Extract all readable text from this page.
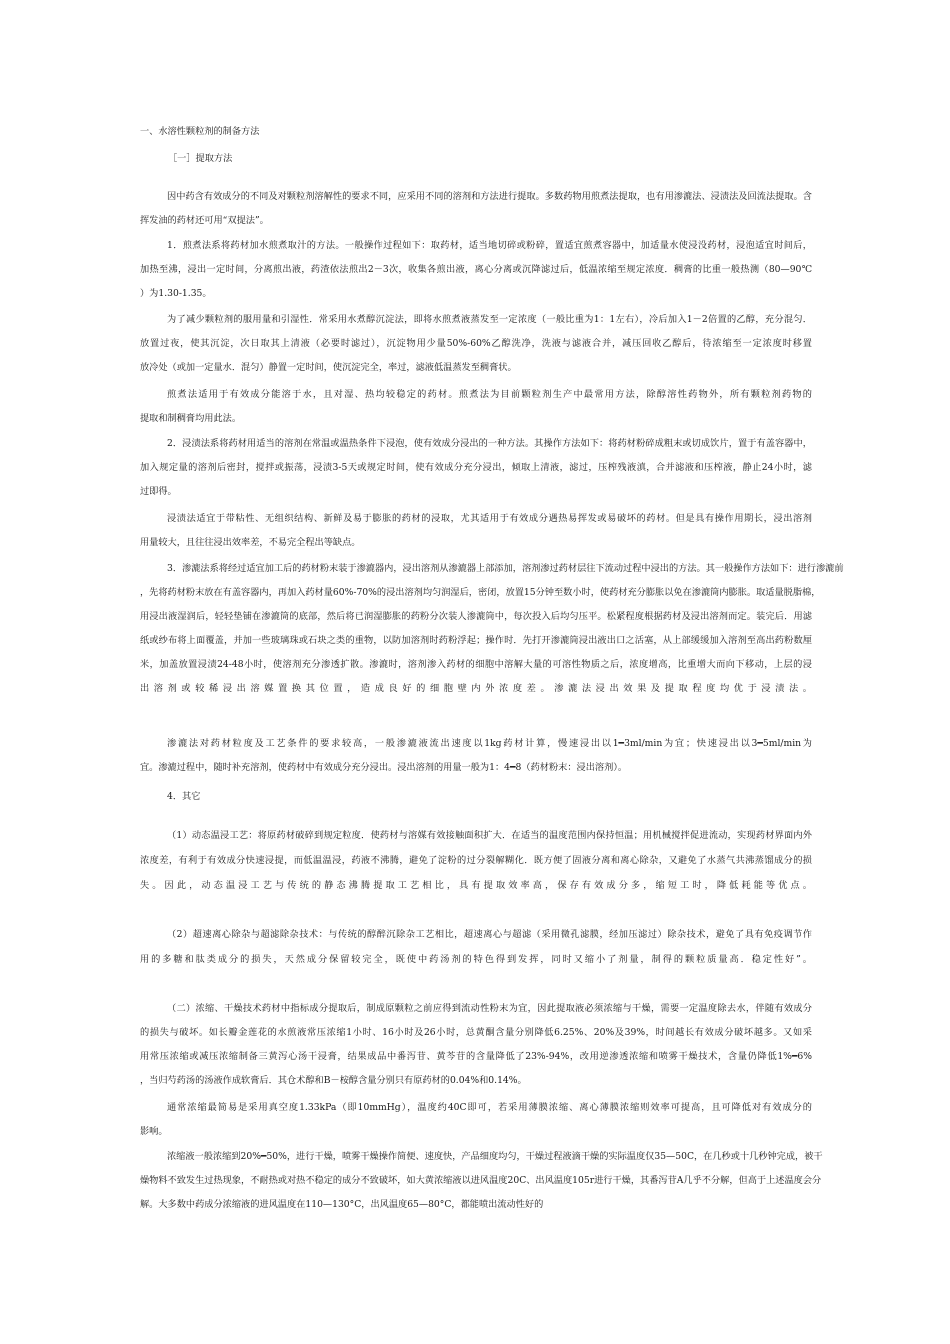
一、水溶性颗粒剂的制备方法
［一］提取方法
因中药含有效成分的不同及对颗粒剂溶解性的要求不同，应采用不同的溶剂和方法进行提取。多数药物用煎煮法提取，也有用渗漉法、浸渍法及回流法提取。含
挥发油的药材还可用“双提法”。
1．煎煮法系将药材加水煎煮取汁的方法。一般操作过程如下：取药材，适当地切碎或粉碎，置适宜煎煮容器中，加适量水使浸没药材，浸泡适宜时间后，
加热至沸，浸出一定时间，分离煎出液，药渣依法煎出2－3次，收集各煎出液，离心分离或沉降滤过后，低温浓缩至规定浓度．稠膏的比重一般热测（80—90℃
）为1.30-1.35。
为了减少颗粒剂的服用量和引湿性．常采用水煮醇沉淀法，即将水煎煮液蒸发至一定浓度（一般比重为1：1左右），冷后加入1－2倍置的乙醇，充分混匀．
放置过夜，使其沉淀，次日取其上清液（必要时滤过），沉淀物用少量50%-60%乙醇洗净，洗液与滤液合并，减压回收乙醇后，待浓缩至一定浓度时移置
放冷处（或加一定量水．混匀）静置一定时间，使沉淀完全，率过，滤液低温蒸发至稠膏状。
煎煮法适用于有效成分能溶于水，且对湿、热均较稳定的药材。煎煮法为目前颗粒剂生产中最常用方法，除醇溶性药物外，所有颗粒剂药物的
提取和制稠膏均用此法。
2．浸渍法系将药材用适当的溶剂在常温或温热条件下浸泡，使有效成分浸出的一种方法。其操作方法如下：将药材粉碎成粗末或切成饮片，置于有盖容器中，
加入规定量的溶剂后密封，搅拌或振荡，浸渍3-5天或规定时间，使有效成分充分浸出，倾取上清液，滤过，压榨残液滇，合并滤液和压榨液，静止24小时，滤
过即得。
浸渍法适宜于带粘性、无组织结构、新鲜及易于膨胀的药材的浸取，尤其适用于有效成分遇热易挥发或易破坏的药材。但是具有操作用期长，浸出溶剂
用量较大，且往往浸出效率差，不易完全程出等缺点。
3．渗漉法系将经过适宜加工后的药材粉末装于渗漉器内，浸出溶剂从渗漉器上部添加，溶剂渗过药材层往下流动过程中浸出的方法。其一般操作方法如下：进行渗漉前
，先将药材粉末放在有盖容器内，再加入药材量60%-70%的浸出溶剂均匀润湿后，密闭，放置15分钟至数小时，使药材充分膨胀以免在渗漉筒内膨胀。取适量脱脂棉，
用浸出液湿润后，轻轻垫铺在渗漉筒的底部，然后将已润湿膨胀的药粉分次装人渗漉筒中，每次投入后均匀压平。松紧程度根据药材及浸出溶剂而定。装完后．用滤
纸或纱布将上面覆盖，并加一些玻璃珠或石块之类的重物，以防加溶剂时药粉浮起；操作时．先打开渗漉筒浸出液出口之活塞，从上部缓缓加入溶剂至高出药粉数厘
米，加盖放置浸渍24-48小时，使溶剂充分渗透扩散。渗漉时，溶剂渗入药材的细胞中溶解大量的可溶性物质之后，浓度增高，比重增大而向下移动，上层的浸
出溶剂或较稀浸出溶媒置换其位置，造成良好的细胞壁内外浓度差。渗漉法浸出效果及提取程度均优于浸渍法。
渗漉法对药材粒度及工艺条件的要求较高，一般渗漉液流出速度以1kg药材计算，慢速浸出以1━3ml/min为宜；快速浸出以3━5ml/min为
宜。渗漉过程中，随时补充溶剂，使药材中有效成分充分浸出。浸出溶剂的用量一般为1：4━8（药材粉末：浸出溶剂）。
4．其它
（1）动态温浸工艺：将原药材破碎到规定粒度．使药材与溶媒有效接触面积扩大．在适当的温度范围内保持恒温；用机械搅拌促进流动，实现药材界面内外
浓度差，有利于有效成分快速浸提，而低温温浸，药液不沸腾，避免了淀粉的过分裂解糊化．既方便了固液分离和离心除杂，又避免了水蒸气共沸蒸馏成分的损
失。因此，动态温浸工艺与传统的静态沸腾提取工艺相比，具有提取效率高，保存有效成分多，缩短工时，降低耗能等优点。
（2）超速离心除杂与超滤除杂技术：与传统的醇醉沉除杂工艺相比，超速离心与超滤（采用微孔滤膜，经加压滤过）除杂技术，避免了具有免疫调节作
用的多糖和肽类成分的损失，天然成分保留较完全，既使中药汤剂的特色得到发挥，同时又缩小了剂量，制得的颗粒质量高．稳定性好”。
（二）浓缩、干燥技术药材中指标成分提取后，制成原颗粒之前应得到流动性粉末为宜，因此提取液必须浓缩与干燥，需要一定温度除去水，伴随有效成分
的损失与破坏。如长瓣金莲花的水煎液常压浓缩1小时、16小时及26小时，总黄酮含量分别降低6.25%、20%及39%，时间越长有效成分破坏越多。又如采
用常压浓缩或减压浓缩制备三黄泻心汤干浸膏，结果成品中番泻苷、黄芩苷的含量降低了23%-94%，改用逆渗透浓缩和喷雾干燥技术，含量仍降低1%━6%
，当归芍药汤的汤液作成软膏后．其仓术醇和Β－桉醇含量分别只有原药材的0.04%和0.14%。
通常浓缩最简易是采用真空度1.33kPa（即10mmHg），温度约40C即可，若采用薄膜浓缩、离心薄膜浓缩则效率可提高，且可降低对有效成分的
影响。
浓缩液一般浓缩到20%━50%，进行干燥，喷雾干燥操作简便、速度快，产品细度均匀，干燥过程液滴干燥的实际温度仅35—50C，在几秒或十几秒钟完成，被干
燥物料不致发生过热现象，不耐热或对热不稳定的成分不致破坏，如大黄浓缩液以进风温度20C、出风温度105r进行干燥，其番泻苷A几乎不分解，但高于上述温度会分
解。大多数中药成分浓缩液的进风温度在110—130°C，出风温度65—80°C，都能喷出流动性好的
